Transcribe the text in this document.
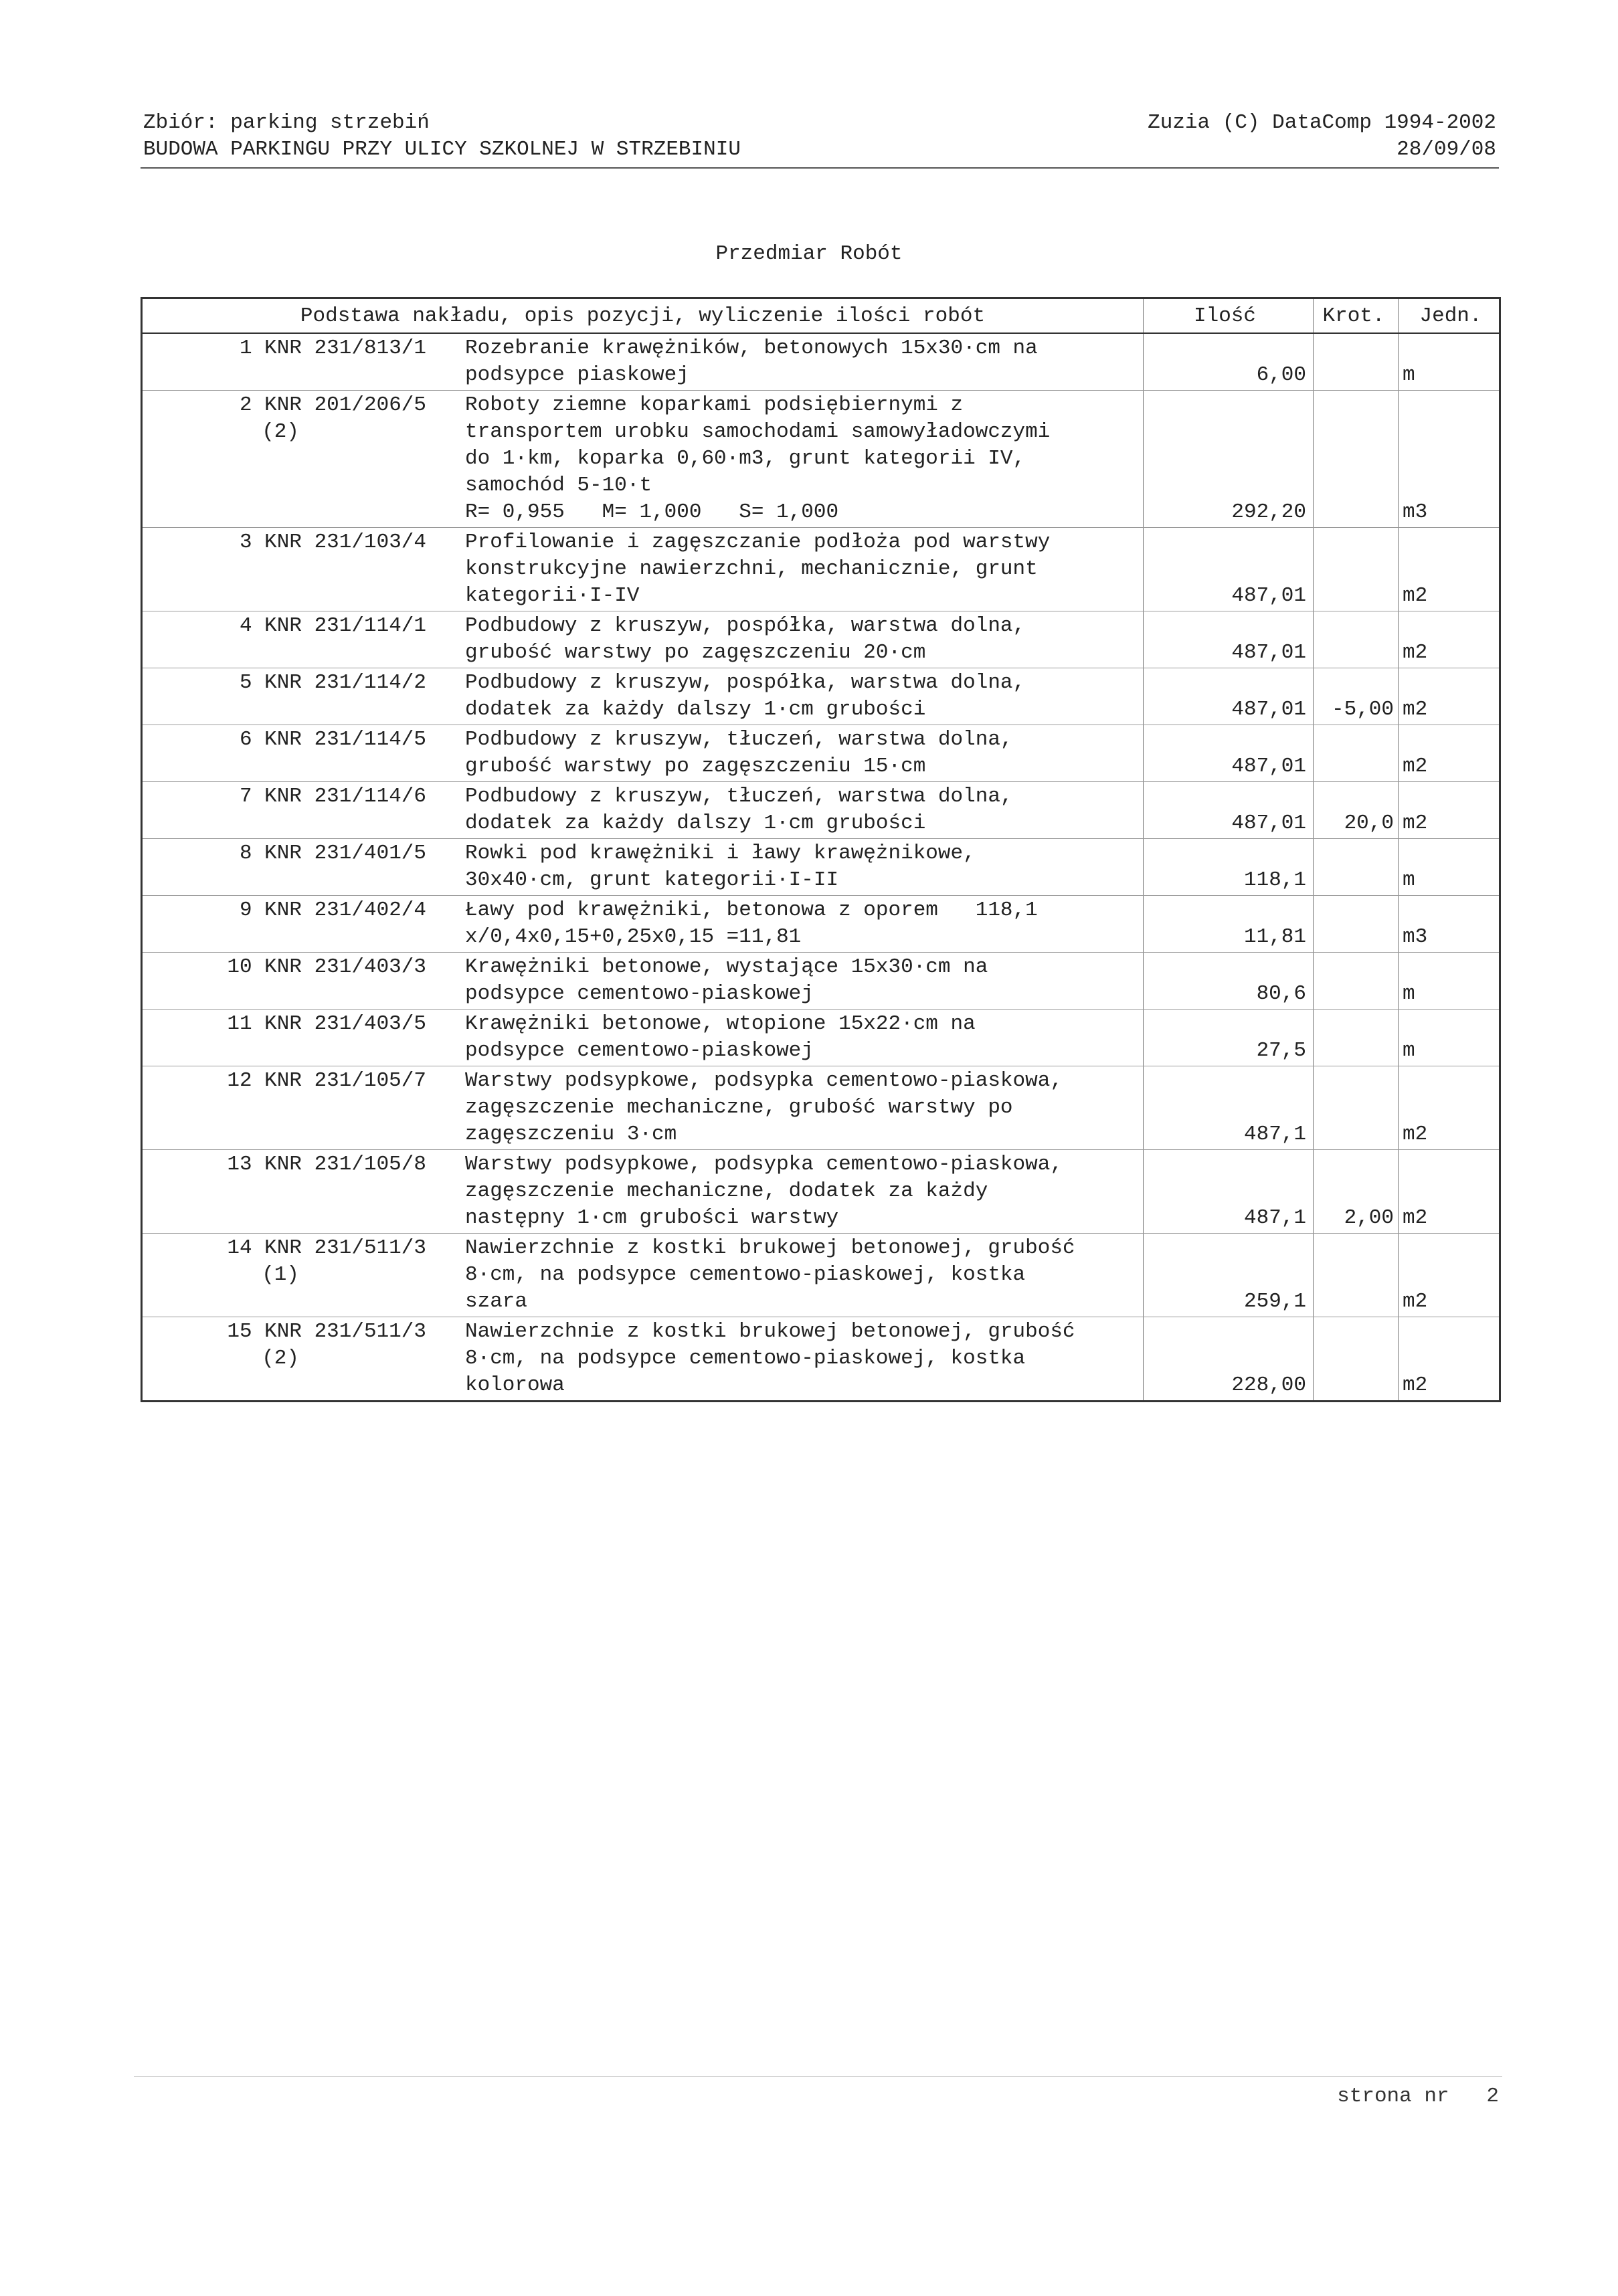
Zbiór: parking strzebiń
BUDOWA PARKINGU PRZY ULICY SZKOLNEJ W STRZEBINIU
Zuzia (C) DataComp 1994-2002
28/09/08
Przedmiar Robót
Podstawa nakładu, opis pozycji, wyliczenie ilości robót		Ilość	Krot.	Jedn.
1 KNR 231/813/1	Rozebranie krawężników, betonowych 15x30·cm na
podsypce piaskowej	6,00		m
2 KNR 201/206/5
(2)	Roboty ziemne koparkami podsiębiernymi z
transportem urobku samochodami samowyładowczymi
do 1·km, koparka 0,60·m3, grunt kategorii IV,
samochód 5-10·t
R= 0,955   M= 1,000   S= 1,000	292,20		m3
3 KNR 231/103/4	Profilowanie i zagęszczanie podłoża pod warstwy
konstrukcyjne nawierzchni, mechanicznie, grunt
kategorii·I-IV	487,01		m2
4 KNR 231/114/1	Podbudowy z kruszyw, pospółka, warstwa dolna,
grubość warstwy po zagęszczeniu 20·cm	487,01		m2
5 KNR 231/114/2	Podbudowy z kruszyw, pospółka, warstwa dolna,
dodatek za każdy dalszy 1·cm grubości	487,01	-5,00	m2
6 KNR 231/114/5	Podbudowy z kruszyw, tłuczeń, warstwa dolna,
grubość warstwy po zagęszczeniu 15·cm	487,01		m2
7 KNR 231/114/6	Podbudowy z kruszyw, tłuczeń, warstwa dolna,
dodatek za każdy dalszy 1·cm grubości	487,01	20,0	m2
8 KNR 231/401/5	Rowki pod krawężniki i ławy krawężnikowe,
30x40·cm, grunt kategorii·I-II	118,1		m
9 KNR 231/402/4	Ławy pod krawężniki, betonowa z oporem   118,1
x/0,4x0,15+0,25x0,15 =11,81	11,81		m3
10 KNR 231/403/3	Krawężniki betonowe, wystające 15x30·cm na
podsypce cementowo-piaskowej	80,6		m
11 KNR 231/403/5	Krawężniki betonowe, wtopione 15x22·cm na
podsypce cementowo-piaskowej	27,5		m
12 KNR 231/105/7	Warstwy podsypkowe, podsypka cementowo-piaskowa,
zagęszczenie mechaniczne, grubość warstwy po
zagęszczeniu 3·cm	487,1		m2
13 KNR 231/105/8	Warstwy podsypkowe, podsypka cementowo-piaskowa,
zagęszczenie mechaniczne, dodatek za każdy
następny 1·cm grubości warstwy	487,1	2,00	m2
14 KNR 231/511/3
(1)	Nawierzchnie z kostki brukowej betonowej, grubość
8·cm, na podsypce cementowo-piaskowej, kostka
szara	259,1		m2
15 KNR 231/511/3
(2)	Nawierzchnie z kostki brukowej betonowej, grubość
8·cm, na podsypce cementowo-piaskowej, kostka
kolorowa	228,00		m2
strona nr 2
